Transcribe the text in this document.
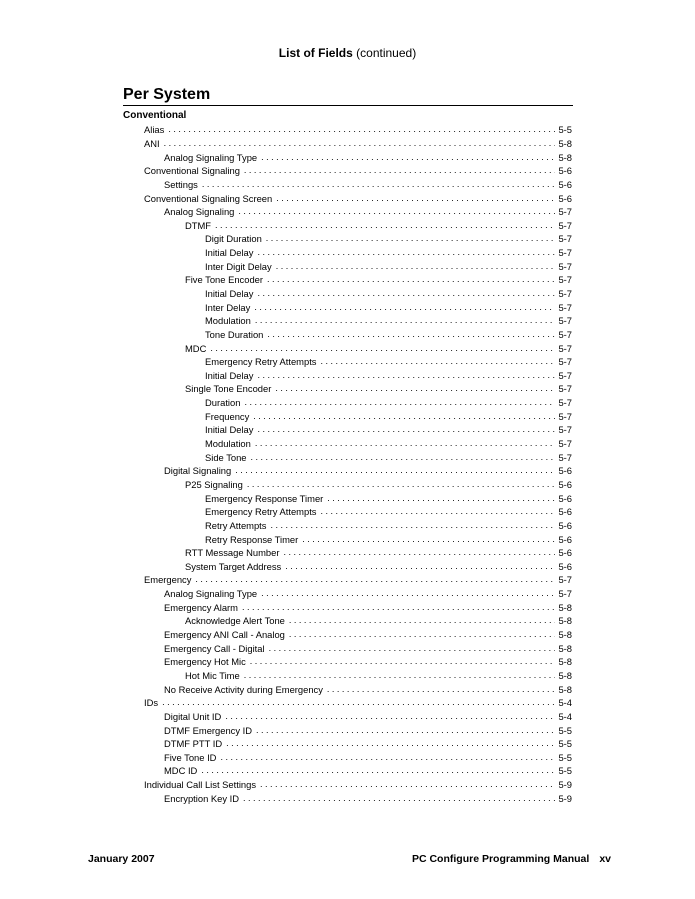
List of Fields (continued)
Per System
Conventional
Alias . . .	5-5
ANI . . .	5-8
Analog Signaling Type . . .	5-8
Conventional Signaling . . .	5-6
Settings . . .	5-6
Conventional Signaling Screen . . .	5-6
Analog Signaling . . .	5-7
DTMF . . .	5-7
Digit Duration . . .	5-7
Initial Delay . . .	5-7
Inter Digit Delay . . .	5-7
Five Tone Encoder . . .	5-7
Initial Delay . . .	5-7
Inter Delay . . .	5-7
Modulation . . .	5-7
Tone Duration . . .	5-7
MDC . . .	5-7
Emergency Retry Attempts . . .	5-7
Initial Delay . . .	5-7
Single Tone Encoder . . .	5-7
Duration . . .	5-7
Frequency . . .	5-7
Initial Delay . . .	5-7
Modulation . . .	5-7
Side Tone . . .	5-7
Digital Signaling . . .	5-6
P25 Signaling . . .	5-6
Emergency Response Timer . . .	5-6
Emergency Retry Attempts . . .	5-6
Retry Attempts . . .	5-6
Retry Response Timer . . .	5-6
RTT Message Number . . .	5-6
System Target Address . . .	5-6
Emergency . . .	5-7
Analog Signaling Type . . .	5-7
Emergency Alarm . . .	5-8
Acknowledge Alert Tone . . .	5-8
Emergency ANI Call - Analog . . .	5-8
Emergency Call - Digital . . .	5-8
Emergency Hot Mic . . .	5-8
Hot Mic Time . . .	5-8
No Receive Activity during Emergency . . .	5-8
IDs . . .	5-4
Digital Unit ID . . .	5-4
DTMF Emergency ID . . .	5-5
DTMF PTT ID . . .	5-5
Five Tone ID . . .	5-5
MDC ID . . .	5-5
Individual Call List Settings . . .	5-9
Encryption Key ID . . .	5-9
January 2007	PC Configure Programming Manual xv
